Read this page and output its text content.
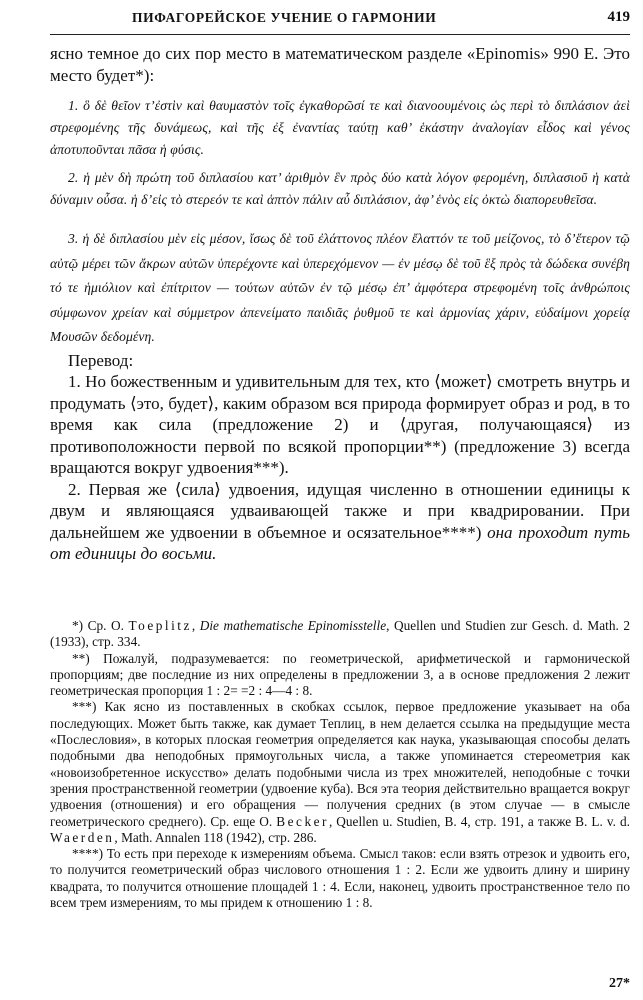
ПИФАГОРЕЙСКОЕ УЧЕНИЕ О ГАРМОНИИ	419
ясно темное до сих пор место в математическом разделе «Epinomis» 990 E. Это место будет*):

1. ὃ δὲ θεῖον τ’ἐστὶν καὶ θαυμαστὸν τοῖς ἐγκαθορῶσί τε καὶ διανοουμένοις ὡς περὶ τὸ διπλάσιον ἀεὶ στρεφομένης τῆς δυνάμεως, καὶ τῆς ἐξ ἐναντίας ταύτῃ καθ’ ἑκάστην ἀναλογίαν εἶδος καὶ γένος ἀποτυποῦνται πᾶσα ἡ φύσις.

2. ἡ μὲν δὴ πρώτη τοῦ διπλασίου κατ’ ἀριθμὸν ἓν πρὸς δύο κατὰ λόγον φερομένη, διπλασιοῦ ἡ κατὰ δύναμιν οὖσα. ἡ δ’εἰς τὸ στερεόν τε καὶ ἁπτὸν πάλιν αὖ διπλάσιον, ἀφ’ ἑνὸς εἰς ὀκτὼ διαπορευθεῖσα.

3. ἡ δὲ διπλασίου μὲν εἰς μέσον, ἴσως δὲ τοῦ ἐλάττονος πλέον ἔλαττόν τε τοῦ μείζονος, τὸ δ’ἕτερον τῷ αὐτῷ μέρει τῶν ἄκρων αὐτῶν ὑπερέχοντε καὶ ὑπερεχόμενον — ἐν μέσῳ δὲ τοῦ ἓξ πρὸς τὰ δώδεκα συνέβη τό τε ἡμιόλιον καὶ ἐπίτριτον — τούτων αὐτῶν ἐν τῷ μέσῳ ἐπ’ ἀμφότερα στρεφομένη τοῖς ἀνθρώποις σύμφωνον χρείαν καὶ σύμμετρον ἀπενείματο παιδιᾶς ῥυθμοῦ τε καὶ ἁρμονίας χάριν, εὐδαίμονι χορείᾳ Μουσῶν δεδομένη.

Перевод:

1. Но божественным и удивительным для тех, кто ⟨может⟩ смотреть внутрь и продумать ⟨это, будет⟩, каким образом вся природа формирует образ и род, в то время как сила (предложение 2) и ⟨другая, получающаяся⟩ из противоположности первой по всякой пропорции**) (предложение 3) всегда вращаются вокруг удвоения***).

2. Первая же ⟨сила⟩ удвоения, идущая численно в отношении единицы к двум и являющаяся удваивающей также и при квадрировании. При дальнейшем же удвоении в объемное и осязательное****) она проходит путь от единицы до восьми.

*) Ср. O. Toeplitz, Die mathematische Epinomisstelle, Quellen und Studien zur Gesch. d. Math. 2 (1933), стр. 334.

**) Пожалуй, подразумевается: по геометрической, арифметической и гармонической пропорциям; две последние из них определены в предложении 3, а в основе предложения 2 лежит геометрическая пропорция 1 : 2= =2 : 4—4 : 8.

***) Как ясно из поставленных в скобках ссылок, первое предложение указывает на оба последующих. Может быть также, как думает Теплиц, в нем делается ссылка на предыдущие места «Послесловия», в которых плоская геометрия определяется как наука, указывающая способы делать подобными два неподобных прямоугольных числа, а также упоминается стереометрия как «новоизобретенное искусство» делать подобными числа из трех множителей, неподобные с точки зрения пространственной геометрии (удвоение куба). Вся эта теория действительно вращается вокруг удвоения (отношения) и его обращения — получения средних (в этом случае — в смысле геометрического среднего). Ср. еще O. Becker, Quellen u. Studien, B. 4, стр. 191, а также B. L. v. d. Waerden, Math. Annalen 118 (1942), стр. 286.

****) То есть при переходе к измерениям объема. Смысл таков: если взять отрезок и удвоить его, то получится геометрический образ числового отношения 1 : 2. Если же удвоить длину и ширину квадрата, то получится отношение площадей 1 : 4. Если, наконец, удвоить пространственное тело по всем трем измерениям, то мы придем к отношению 1 : 8.

27*
